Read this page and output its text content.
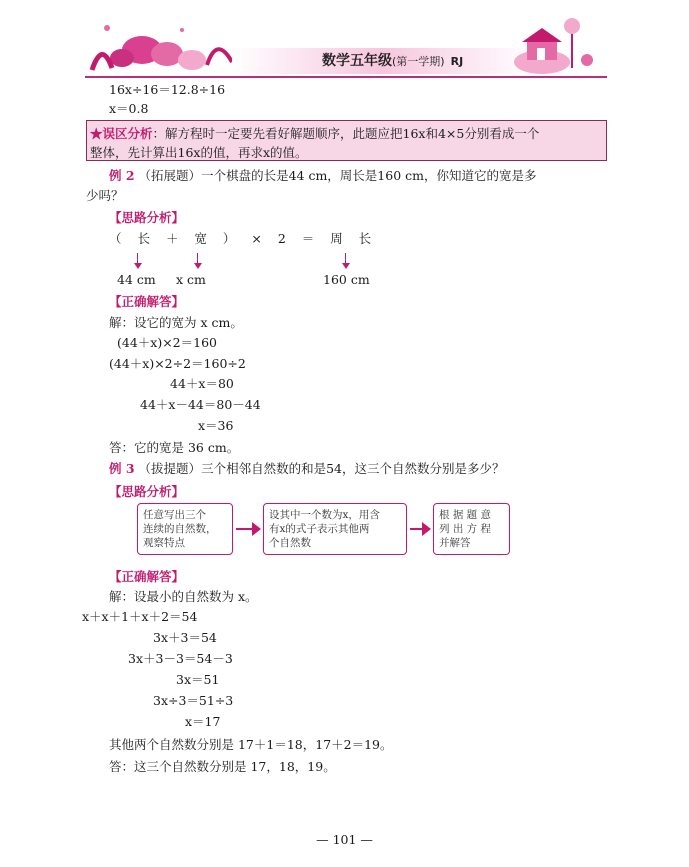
数学五年级(第一学期) RJ
16x÷16＝12.8÷16
x＝0.8
★误区分析：解方程时一定要先看好解题顺序，此题应把16x和4×5分别看成一个
整体，先计算出16x的值，再求x的值。
例 2 （拓展题）一个棋盘的长是44 cm，周长是160 cm，你知道它的宽是多
少吗？
【思路分析】
（ 长 ＋ 宽 ） × 2 ＝ 周 长
44 cm x cm	160 cm
【正确解答】
解：设它的宽为 x cm。
(44＋x)×2＝160
(44＋x)×2÷2＝160÷2
44＋x＝80
44＋x－44＝80－44
x＝36
答：它的宽是 36 cm。
例 3 （拔提题）三个相邻自然数的和是54，这三个自然数分别是多少？
【思路分析】
任意写出三个
连续的自然数，
观察特点
设其中一个数为x，用含
有x的式子表示其他两
个自然数
根 据 题 意
列 出 方 程
并解答
【正确解答】
解：设最小的自然数为 x。
x＋x＋1＋x＋2＝54
3x＋3＝54
3x＋3－3＝54－3
3x＝51
3x÷3＝51÷3
x＝17
其他两个自然数分别是 17＋1＝18，17＋2＝19。
答：这三个自然数分别是 17，18，19。
— 101 —
